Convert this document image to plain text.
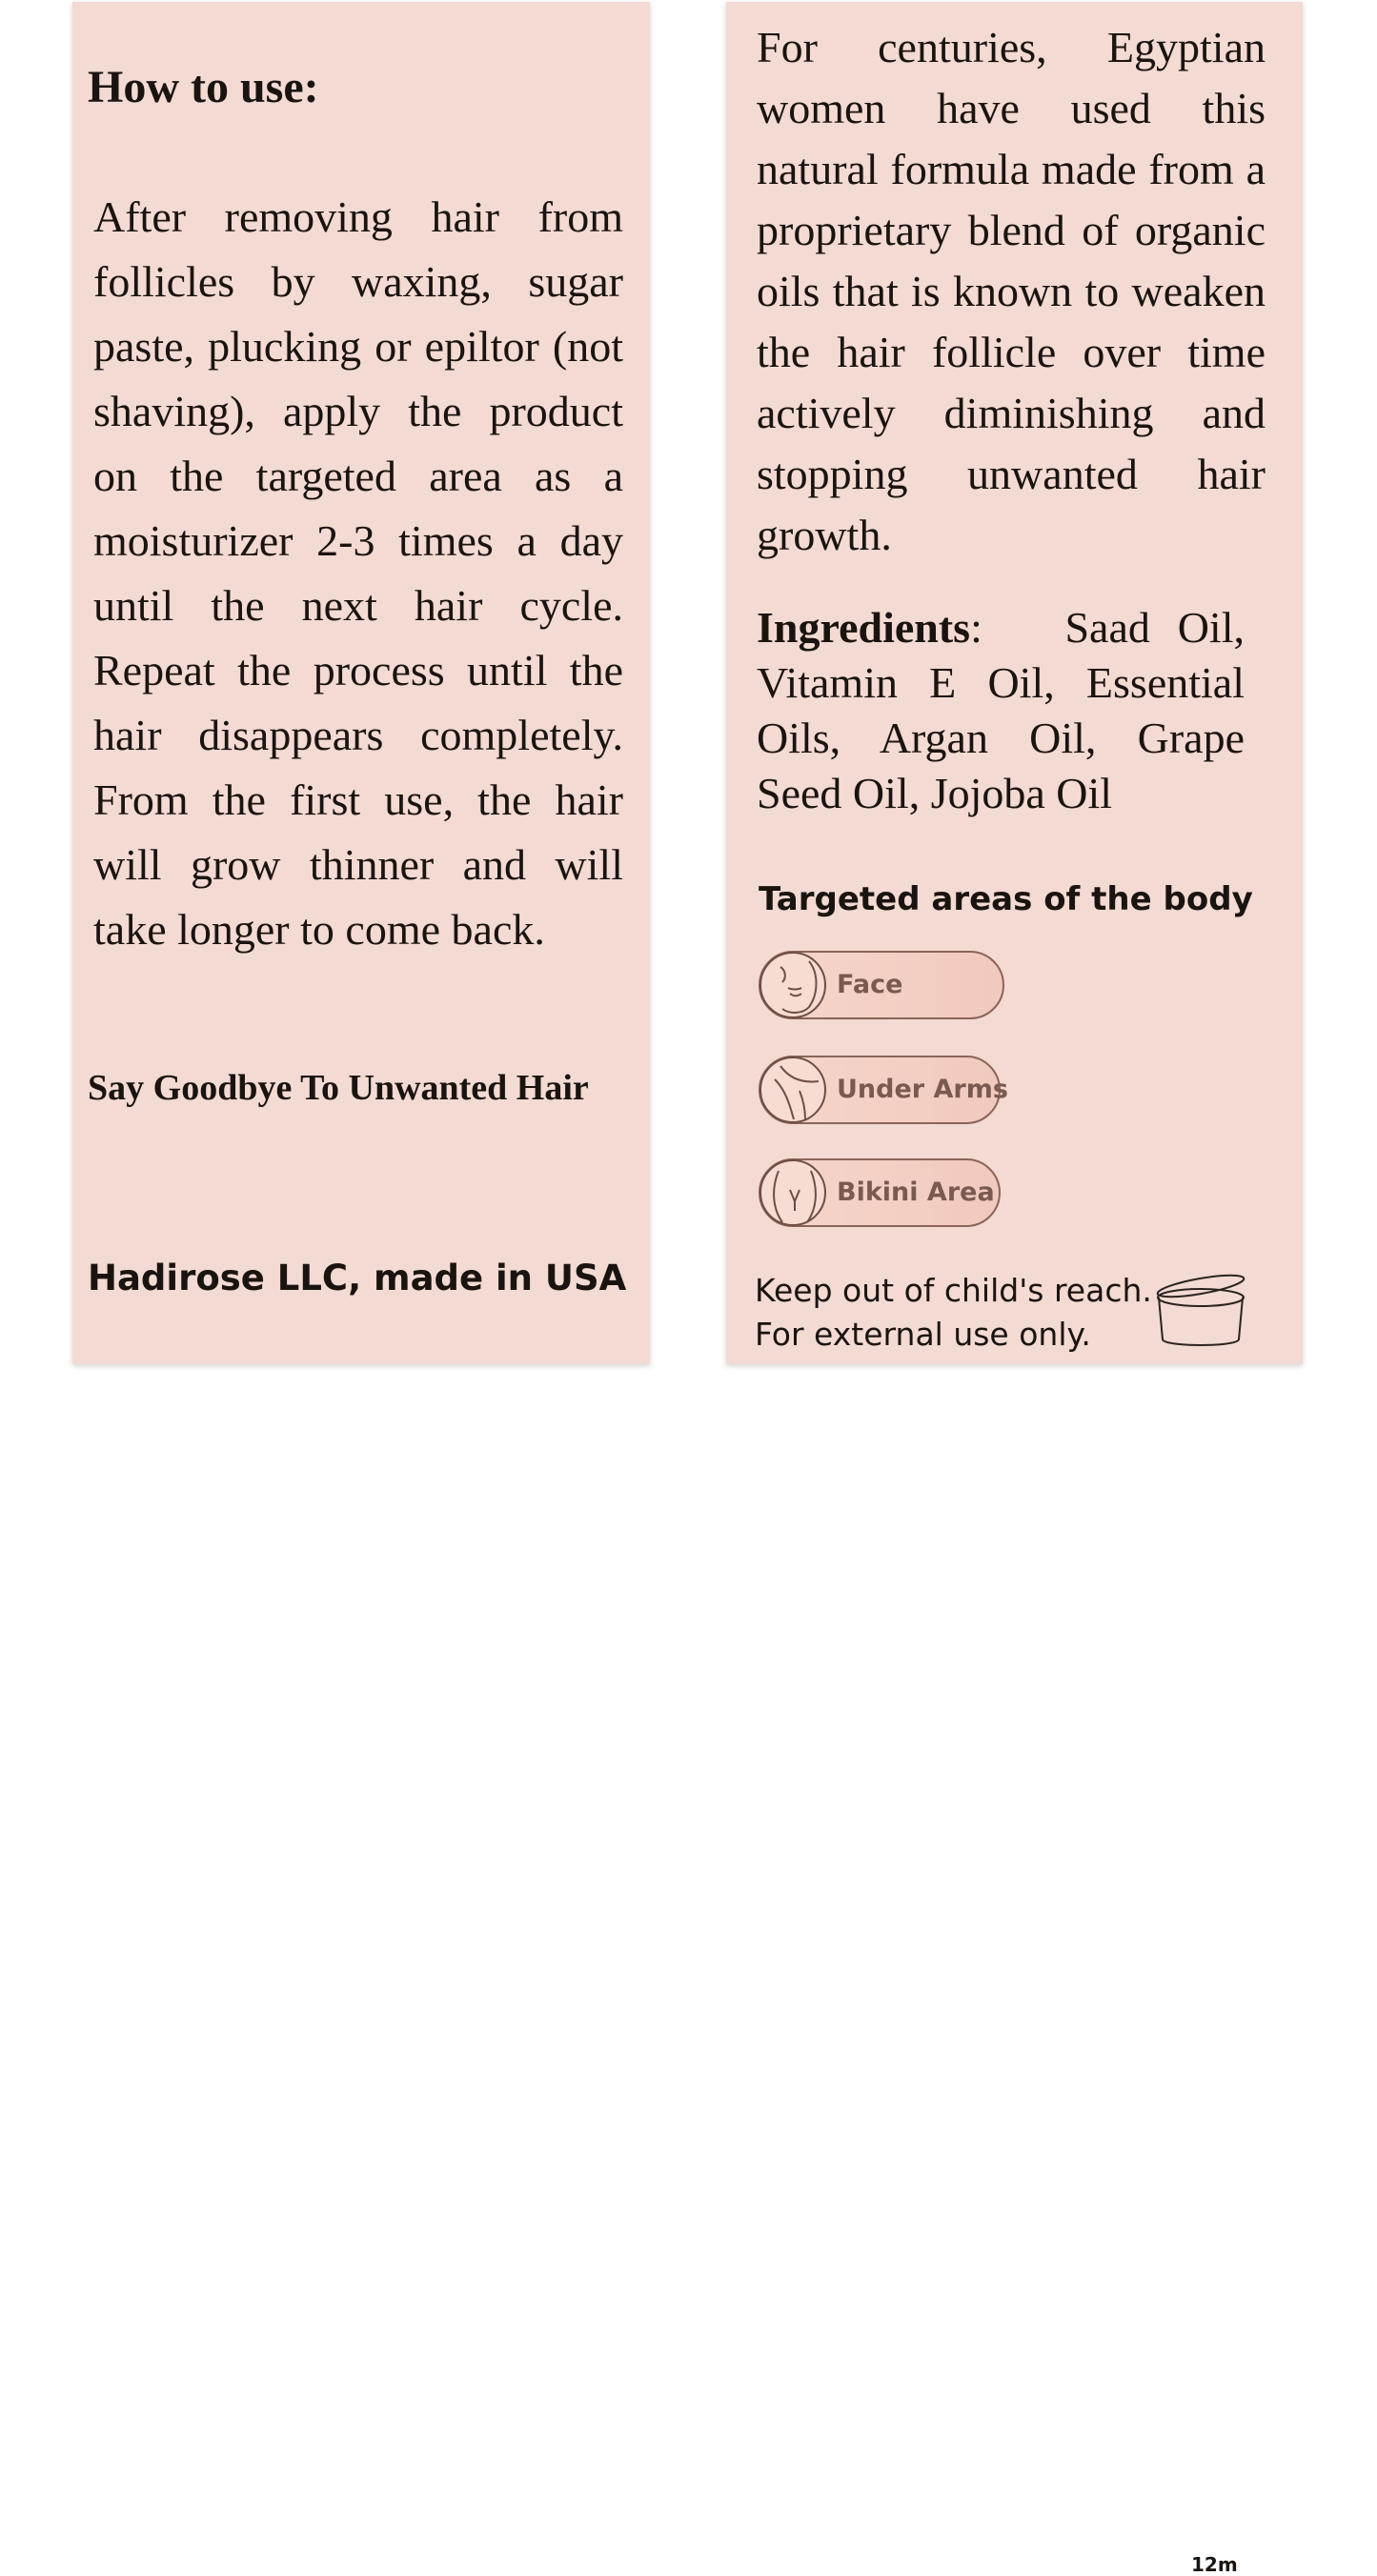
How to use:

After removing hair from follicles by waxing, sugar paste, plucking or epiltor (not shaving), apply the product on the targeted area as a moisturizer 2-3 times a day until the next hair cycle. Repeat the process until the hair disappears completely. From the first use, the hair will grow thinner and will take longer to come back.

Say Goodbye To Unwanted Hair

Hadirose LLC, made in USA

For centuries, Egyptian women have used this natural formula made from a proprietary blend of organic oils that is known to weaken the hair follicle over time actively diminishing and stopping unwanted hair growth.

Ingredients: Saad Oil, Vitamin E Oil, Essential Oils, Argan Oil, Grape Seed Oil, Jojoba Oil

Targeted areas of the body

Face
Under Arms
Bikini Area

Keep out of child's reach.
For external use only.

12m
